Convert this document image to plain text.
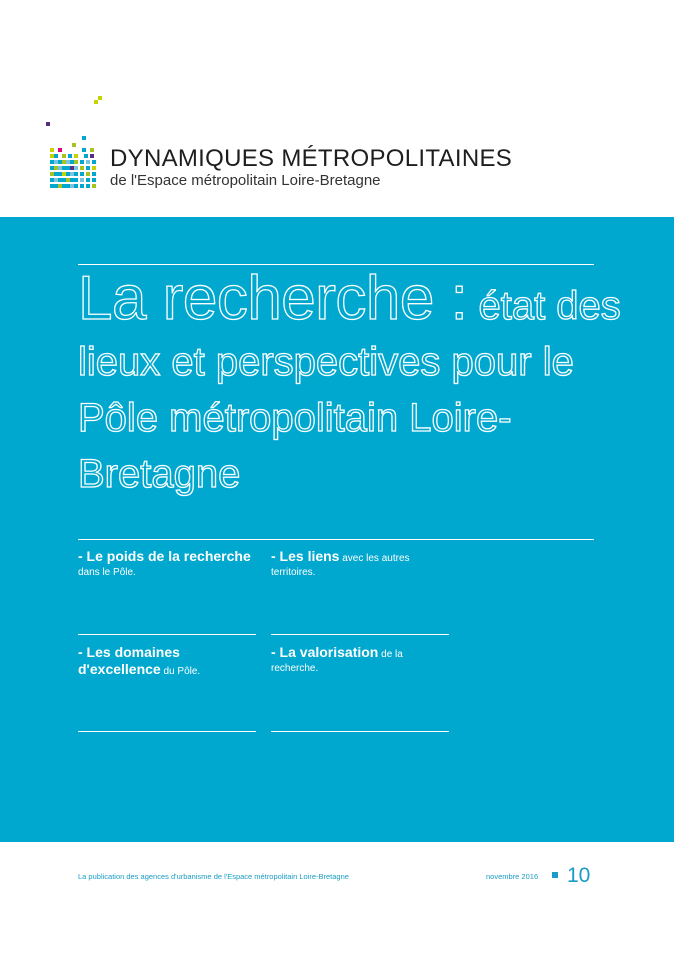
DYNAMIQUES MÉTROPOLITAINES
de l'Espace métropolitain Loire-Bretagne
La recherche : état des lieux et perspectives pour le Pôle métropolitain Loire-Bretagne
- Le poids de la recherche dans le Pôle.
- Les liens avec les autres territoires.
- Les domaines d'excellence du Pôle.
- La valorisation de la recherche.
La publication des agences d'urbanisme de l'Espace métropolitain Loire-Bretagne	novembre 2016 10
